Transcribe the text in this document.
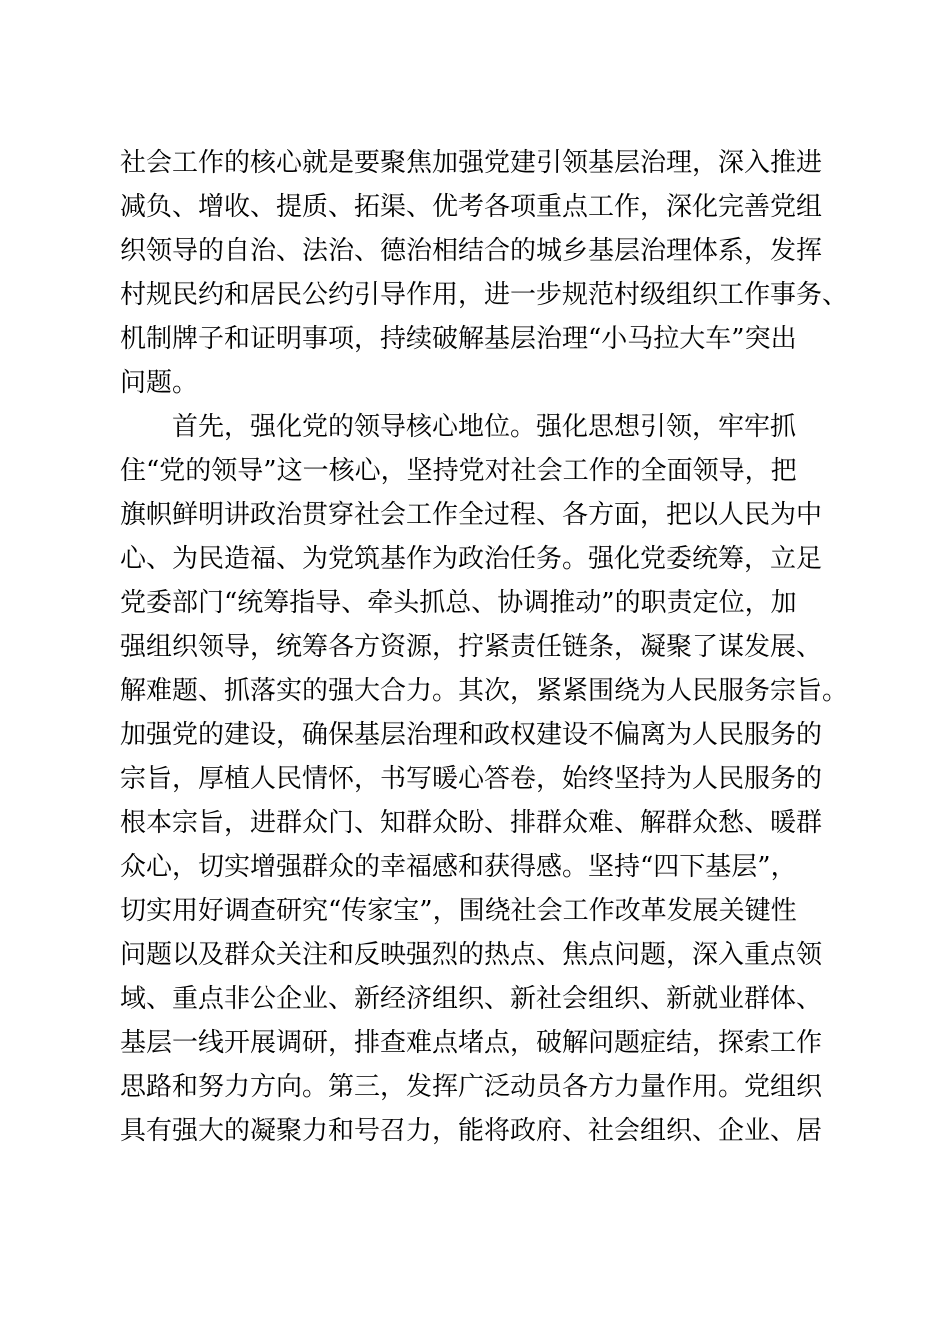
社会工作的核心就是要聚焦加强党建引领基层治理，深入推进
减负、增收、提质、拓渠、优考各项重点工作，深化完善党组
织领导的自治、法治、德治相结合的城乡基层治理体系，发挥
村规民约和居民公约引导作用，进一步规范村级组织工作事务、
机制牌子和证明事项，持续破解基层治理“小马拉大车”突出
问题。
首先，强化党的领导核心地位。强化思想引领，牢牢抓
住“党的领导”这一核心，坚持党对社会工作的全面领导，把
旗帜鲜明讲政治贯穿社会工作全过程、各方面，把以人民为中
心、为民造福、为党筑基作为政治任务。强化党委统筹，立足
党委部门“统筹指导、牵头抓总、协调推动”的职责定位，加
强组织领导，统筹各方资源，拧紧责任链条，凝聚了谋发展、
解难题、抓落实的强大合力。其次，紧紧围绕为人民服务宗旨。
加强党的建设，确保基层治理和政权建设不偏离为人民服务的
宗旨，厚植人民情怀，书写暖心答卷，始终坚持为人民服务的
根本宗旨，进群众门、知群众盼、排群众难、解群众愁、暖群
众心，切实增强群众的幸福感和获得感。坚持“四下基层”，
切实用好调查研究“传家宝”，围绕社会工作改革发展关键性
问题以及群众关注和反映强烈的热点、焦点问题，深入重点领
域、重点非公企业、新经济组织、新社会组织、新就业群体、
基层一线开展调研，排查难点堵点，破解问题症结，探索工作
思路和努力方向。第三，发挥广泛动员各方力量作用。党组织
具有强大的凝聚力和号召力，能将政府、社会组织、企业、居
